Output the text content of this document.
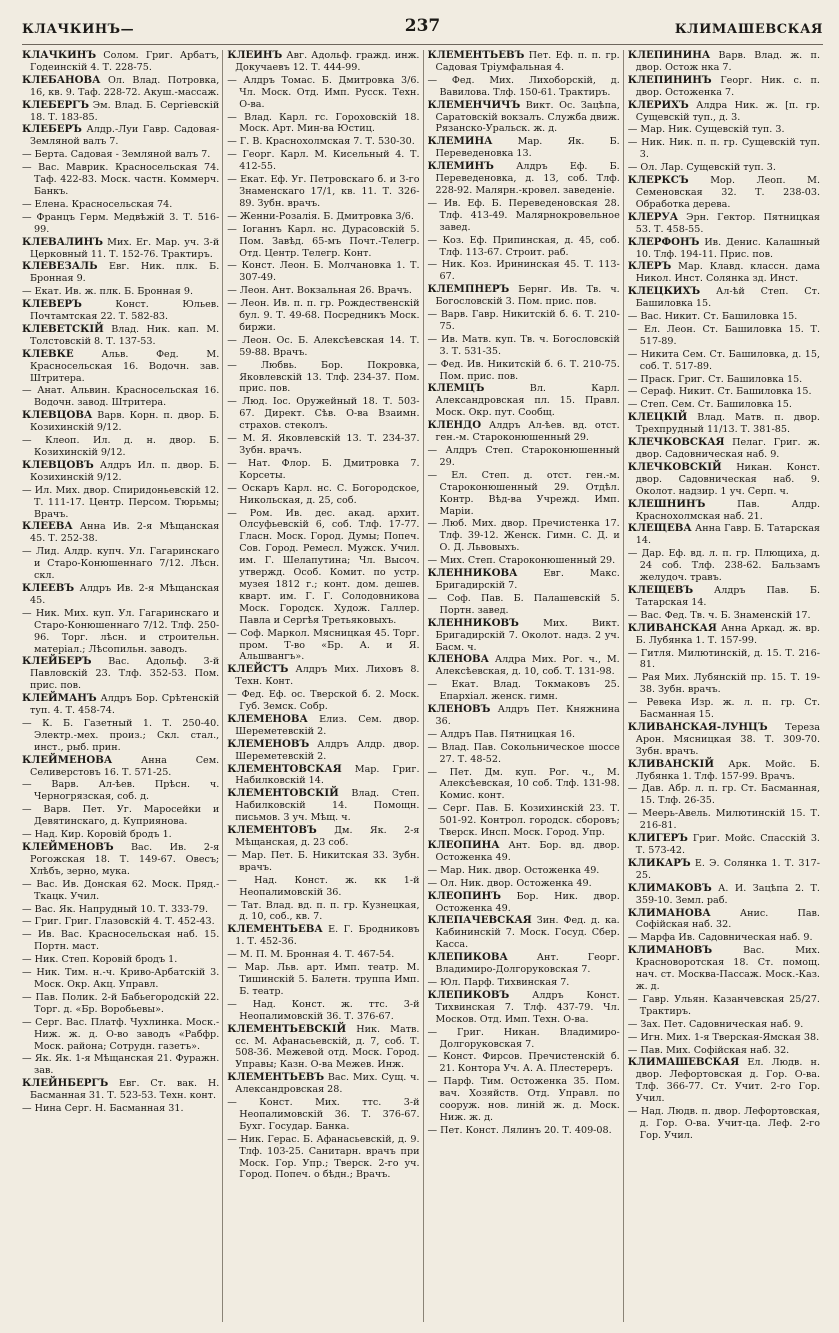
КЛАЧКИНЪ—	237	КЛИМАШЕВСКАЯ
КЛАЧКИНЪ Солом. Григ. Арбатъ, Годеинскій 4. Т. 228-75.
КЛЕБАНОВА Ол. Влад. Потровка, 16, кв. 9. Таф. 228-72. Акуш.-массаж.
КЛЕБЕРГЪ Эм. Влад. Б. Сергіевскій 18. Т. 183-85.
КЛЕБЕРЪ Алдр.-Луи Гавр. Садовая-Земляной валъ 7.
— Берта. Садовая - Земляной валъ 7.
— Вас. Маврик. Красносельская 74. Таф. 422-83. Моск. частн. Коммерч. Банкъ.
— Елена. Красносельская 74.
— Францъ Герм. Медвѣжій 3. Т. 516-99.
КЛЕВАЛИНЪ Мих. Ег. Мар. уч. 3-й Церковный 11. Т. 152-76. Трактиръ.
КЛЕВЕЗАЛЬ Евг. Ник. плк. Б. Бронная 9.
— Екат. Ив. ж. плк. Б. Бронная 9.
КЛЕВЕРЪ	Конст. Юльев. Почтамтская 22. Т. 582-83.
КЛЕВЕТСКІЙ Влад. Ник. кап. М. Толстовскій 8. Т. 137-53.
КЛЕВКЕ	Альв. Фед. М. Красносельская 16. Водочн. зав. Штритера.
— Анат. Альвин. Красносельская 16. Водочн. завод. Штритера.
КЛЕВЦОВА Варв. Корн. п. двор. Б. Козихинскій 9/12.
— Клеоп. Ил. д. н. двор. Б. Козихинскій 9/12.
КЛЕВЦОВЪ Алдръ Ил. п. двор. Б. Козихинскій 9/12.
— Ил. Мих. двор. Спиридоньевскій 12. Т. 111-17. Центр. Персом. Тюрьмы; Врачъ.
КЛЕЕВА Анна Ив. 2-я Мѣщанская 45. Т. 252-38.
— Лид. Алдр. купч. Ул. Гагаринскаго и Старо-Конюшеннаго 7/12. Лѣсн. скл.
КЛЕЕВЪ Алдръ Ив. 2-я Мѣщанская 45.
— Ник. Мих. куп. Ул. Гагаринскаго и Старо-Конюшеннаго 7/12. Тлф. 250-96. Торг. лѣсн. и строительн. матеріал.; Лѣсопильн. заводъ.
КЛЕЙБЕРЪ Вас. Адольф. 3-й Павловскій 23. Тлф. 352-53. Пом. прис. пов.
КЛЕЙМАНЪ Алдръ Бор. Срѣтенскій туп. 4. Т. 458-74.
— К. Б. Газетный 1. Т. 250-40. Электр.-мех. произ.; Скл. стал., инст., рыб. прин.
КЛЕЙМЕНОВА	Анна Сем. Селиверстовъ 16. Т. 571-25.
— Варв. Ал-ѣев. Прѣсн. ч. Черногрязская, соб. д.
— Варв. Пет. Уг. Маросейки и Девятинскаго, д. Куприянова.
— Над. Кир. Коровій бродъ 1.
КЛЕЙМЕНОВЪ Вас. Ив. 2-я Рогожская 18. Т. 149-67. Овесъ; Хлѣбъ, зерно, мука.
— Вас. Ив. Донская 62. Моск. Пряд.-Ткацк. Учил.
— Вас. Як. Напрудный 10. Т. 333-79.
— Григ. Григ. Глазовскій 4. Т. 452-43.
— Ив. Вас. Красносельская наб. 15. Портн. маст.
— Ник. Степ. Коровій бродъ 1.
— Ник. Тим. н.-ч. Криво-Арбатскій 3. Моск. Окр. Акц. Управл.
— Пав. Полик. 2-й Бабьегородскій 22. Торг. д. «Бр. Воробьевы».
— Серг. Вас. Платф. Чухлинка. Моск.-Ниж. ж. д. О-во заводъ «Рабфр. Моск. района; Сотрудн. газетъ».
— Як. Як. 1-я Мѣщанская 21. Фуражн. зав.
КЛЕЙНБЕРГЪ Евг. Ст. вак. Н. Басманная 31. Т. 523-53. Техн. конт.
— Нина Серг. Н. Басманная 31.
КЛЕЙНЪ Авг. Адольф. гражд. инж. Докучаевъ 12. Т. 444-99.
— Алдръ Томас. Б. Дмитровка 3/6. Чл. Моск. Отд. Имп. Русск. Техн. О-ва.
— Влад. Карл. гс. Гороховскій 18. Моск. Арт. Мин-ва Юстиц.
— Г. В. Краснохолмская 7. Т. 530-30.
— Георг. Карл. М. Кисельный 4. Т. 412-55.
— Екат. Еф. Уг. Петровскаго б. и 3-го Знаменскаго 17/1, кв. 11. Т. 326-89. Зубн. врачъ.
— Женни-Розалія. Б. Дмитровка 3/6.
— Іоганнъ Карл. нс. Дурасовскій 5. Пом. Завѣд. 65-мъ Почт.-Телегр. Отд. Центр. Телегр. Конт.
— Конст. Леон. Б. Молчановка 1. Т. 307-49.
— Леон. Ант. Вокзальная 26. Врачъ.
— Леон. Ив. п. п. гр. Рождественскій бул. 9. Т. 49-68. Посредникъ Моск. биржи.
— Леон. Ос. Б. Алексѣевская 14. Т. 59-88. Врачъ.
— Любвь. Бор. Покровка, Яковлевскій 13. Тлф. 234-37. Пом. прис. пов.
— Люд. Іос. Оружейный 18. Т. 503-67. Директ. Сѣв. О-ва Взаимн. страхов. стеколъ.
— М. Я. Яковлевскій 13. Т. 234-37. Зубн. врачъ.
— Нат. Флор. Б. Дмитровка 7. Корсеты.
— Оскаръ Карл. нс. С. Богородское, Никольская, д. 25, соб.
— Ром. Ив. дес. акад. архит. Олсуфьевскій 6, соб. Тлф. 17-77. Гласн. Моск. Город. Думы; Попеч. Сов. Город. Ремесл. Мужск. Учил. им. Г. Шелапутина; Чл. Высоч. утвержд. Особ. Комит. по устр. музея 1812 г.; конт. дом. дешев. кварт. им. Г. Г. Солодовникова Моск. Городск. Худож. Галлер. Павла и Сергѣя Третьяковыхъ.
— Соф. Маркол. Мясницкая 45. Торг. пром. Т-во «Бр. А. и Я. Альшвангъ».
КЛЕЙСТЪ Алдръ Мих. Лиховъ 8. Техн. Конт.
— Фед. Еф. ос. Тверской б. 2. Моск. Губ. Земск. Собр.
КЛЕМЕНОВА Елиз. Сем. двор. Шереметевскій 2.
КЛЕМЕНОВЪ Алдръ Алдр. двор. Шереметевскій 2.
КЛЕМЕНТОВСКАЯ Мар. Григ. Набилковскій 14.
КЛЕМЕНТОВСКІЙ Влад. Степ. Набилковскій 14. Помощн. письмов. 3 уч. Мѣщ. ч.
КЛЕМЕНТОВЪ Дм. Як. 2-я Мѣщанская, д. 23 соб.
— Мар. Пет. Б. Никитская 33. Зубн. врачъ.
— Над. Конст. ж. кк 1-й Неопалимовскій 36.
— Тат. Влад. вд. п. п. гр. Кузнецкая, д. 10, соб., кв. 7.
КЛЕМЕНТЬЕВА Е. Г. Бродниковъ 1. Т. 452-36.
— М. П. М. Бронная 4. Т. 467-54.
— Мар. Льв. арт. Имп. театр. М. Тишинскій 5. Балетн. труппа Имп. Б. театр.
— Над. Конст. ж. ттс. 3-й Неопалимовскій 36. Т. 376-67.
КЛЕМЕНТЬЕВСКІЙ Ник. Матв. сс. М. Афанасьевскій, д. 7, соб. Т. 508-36. Межевой отд. Моск. Город. Управы; Казн. О-ва Межев. Инж.
КЛЕМЕНТЬЕВЪ Вас. Мих. Сущ. ч. Александровская 28.
— Конст. Мих. ттс. 3-й Неопалимовскій 36. Т. 376-67. Бухг. Государ. Банка.
— Ник. Герас. Б. Афанасьевскій, д. 9. Тлф. 103-25. Санитарн. врачъ при Моск. Гор. Упр.; Тверск. 2-го уч. Город. Попеч. о бѣдн.; Врачъ.
КЛЕМЕНТЬЕВЪ Пет. Еф. п. п. гр. Садовая Тріумфальная 4.
— Фед. Мих. Лихоборскій, д. Вавилова. Тлф. 150-61. Трактиръ.
КЛЕМЕНЧИЧЪ Викт. Ос. Зацѣпа, Саратовскій вокзалъ. Служба движ. Рязанско-Уральск. ж. д.
КЛЕМИНА	Мар. Як. Б. Переведеновка 13.
КЛЕМИНЪ Алдръ Еф. Б. Переведеновка, д. 13, соб. Тлф. 228-92. Малярн.-кровел. заведеніе.
— Ив. Еф. Б. Переведеновская 28. Тлф. 413-49. Малярнокровельное завед.
— Коз. Еф. Припинская, д. 45, соб. Тлф. 113-67. Строит. раб.
— Ник. Коз. Ирининская 45. Т. 113-67.
КЛЕМПНЕРЪ Бернг. Ив. Тв. ч. Богословскій 3. Пом. прис. пов.
— Варв. Гавр. Никитскій б. 6. Т. 210-75.
— Ив. Матв. куп. Тв. ч. Богословскій 3. Т. 531-35.
— Фед. Ив. Никитскій б. 6. Т. 210-75. Пом. прис. пов.
КЛЕМЦЪ	Вл. Карл. Александровская пл. 15. Правл. Моск. Окр. пут. Сообщ.
КЛЕНДО Алдръ Ал-ѣев. вд. отст. ген.-м. Староконюшенный 29.
— Алдръ Степ. Староконюшенный 29.
— Ел. Степ. д. отст. ген.-м. Староконюшенный 29. Отдѣл. Контр. Вѣд-ва Учрежд. Имп. Маріи.
— Люб. Мих. двор. Пречистенка 17. Тлф. 39-12. Женск. Гимн. С. Д. и О. Д. Львовыхъ.
— Мих. Степ. Староконюшенный 29.
КЛЕННИКОВА	Евг. Макс. Бригадирскій 7.
— Соф. Пав. Б. Палашевскій 5. Портн. завед.
КЛЕННИКОВЪ	Мих. Викт. Бригадирскій 7. Околот. надз. 2 уч. Басм. ч.
КЛЕНОВА Алдра Мих. Рог. ч., М. Алексѣевская, д. 10, соб. Т. 131-98.
— Екат. Влад. Токмаковъ 25. Епархіал. женск. гимн.
КЛЕНОВЪ Алдръ Пет. Княжнина 36.
— Алдръ Пав. Пятницкая 16.
— Влад. Пав. Сокольническое шоссе 27. Т. 48-52.
— Пет. Дм. куп. Рог. ч., М. Алексѣевская, 10 соб. Тлф. 131-98. Комис. конт.
— Серг. Пав. Б. Козихинскій 23. Т. 501-92. Контрол. городск. сборовъ; Тверск. Инсп. Моск. Город. Упр.
КЛЕОПИНА Ант. Бор. вд. двор. Остоженка 49.
— Мар. Ник. двор. Остоженка 49.
— Ол. Ник. двор. Остоженка 49.
КЛЕОПИНЪ Бор. Ник. двор. Остоженка 49.
КЛЕПАЧЕВСКАЯ Зин. Фед. д. ка. Кабининскій 7. Моск. Госуд. Сбер. Касса.
КЛЕПИКОВА	Ант. Георг. Владимиро-Долгоруковская 7.
— Юл. Парф. Тихвинская 7.
КЛЕПИКОВЪ Алдръ Конст. Тихвинская 7. Тлф. 437-79. Чл. Москов. Отд. Имп. Техн. О-ва.
— Григ. Никан. Владимиро-Долгоруковская 7.
— Конст. Фирсов. Пречистенскій б. 21. Контора Уч. А. А. Плестереръ.
— Парф. Тим. Остоженка 35. Пом. вач. Хозяйств. Отд. Управл. по сооруж. нов. линій ж. д. Моск. Ниж. ж. д.
— Пет. Конст. Лялинъ 20. Т. 409-08.
КЛЕПИНИНА Варв. Влад. ж. п. двор. Остож нка 7.
КЛЕПИНИНЪ Георг. Ник. с. п. двор. Остоженка 7.
КЛЕРИХЪ Алдра Ник. ж. [п. гр. Сущевскій туп., д. 3.
— Мар. Ник. Сущевскій туп. 3.
— Ник. Ник. п. п. гр. Сущевскій туп. 3.
— Ол. Лар. Сущевскій туп. 3.
КЛЕРКСЪ Мор. Леоп. М. Семеновская 32. Т. 238-03. Обработка дерева.
КЛЕРУА Эрн. Гектор. Пятницкая 53. Т. 458-55.
КЛЕРФОНЪ Ив. Денис. Калашный 10. Тлф. 194-11. Прис. пов.
КЛЕРЪ Мар. Клавд. классн. дама Никол. Инст. Солянка зд. Инст.
КЛЕЦКИХЪ Ал-ѣй Степ. Ст. Башиловка 15.
— Вас. Никит. Ст. Башиловка 15.
— Ел. Леон. Ст. Башиловка 15. Т. 517-89.
— Никита Сем. Ст. Башиловка, д. 15, соб. Т. 517-89.
— Праск. Григ. Ст. Башиловка 15.
— Сераф. Никит. Ст. Башиловка 15.
— Степ. Сем. Ст. Башиловка 15.
КЛЕЦКІЙ Влад. Матв. п. двор. Трехпрудный 11/13. Т. 381-85.
КЛЕЧКОВСКАЯ Пелаг. Григ. ж. двор. Садовническая наб. 9.
КЛЕЧКОВСКІЙ Никан. Конст. двор. Садовническая наб. 9. Околот. надзир. 1 уч. Серп. ч.
КЛЕШНИНЪ	Пав. Алдр. Краснохолмская наб. 21.
КЛЕЩЕВА Анна Гавр. Б. Татарская 14.
— Дар. Еф. вд. л. п. гр. Плющиха, д. 24 соб. Тлф. 238-62. Бальзамъ желудоч. травъ.
КЛЕЩЕВЪ Алдръ Пав. Б. Татарская 14.
— Вас. Фед. Тв. ч. Б. Знаменскій 17.
КЛИВАНСКАЯ Анна Аркад. ж. вр. Б. Лубянка 1. Т. 157-99.
— Гитля. Милютинскій, д. 15. Т. 216-81.
— Рая Мих. Лубянскій пр. 15. Т. 19-38. Зубн. врачъ.
— Ревека Изр. ж. л. п. гр. Ст. Басманная 15.
КЛИВАНСКАЯ-ЛУНЦЪ Тереза Арон. Мясницкая 38. Т. 309-70. Зубн. врачъ.
КЛИВАНСКІЙ Арк. Мойс. Б. Лубянка 1. Тлф. 157-99. Врачъ.
— Дав. Абр. л. п. гр. Ст. Басманная, 15. Тлф. 26-35.
— Меерь-Авель. Милютинскій 15. Т. 216-81.
КЛИГЕРЪ Григ. Мойс. Спасскій 3. Т. 573-42.
КЛИКАРЪ Е. Э. Солянка 1. Т. 317-25.
КЛИМАКОВЪ А. И. Зацѣпа 2. Т. 359-10. Земл. раб.
КЛИМАНОВА	Анис. Пав. Софійская наб. 32.
— Марфа Ив. Садовническая наб. 9.
КЛИМАНОВЪ	Вас. Мих. Красноворотская 18. Ст. помощ. нач. ст. Москва-Пассаж. Моск.-Каз. ж. д.
— Гавр. Ульян. Казанчевская 25/27. Трактиръ.
— Зах. Пет. Садовническая наб. 9.
— Игн. Мих. 1-я Тверская-Ямская 38.
— Пав. Мих. Софійская наб. 32.
КЛИМАШЕВСКАЯ Ел. Людв. н. двор. Лефортовская д. Гор. О-ва. Тлф. 366-77. Ст. Учит. 2-го Гор. Учил.
— Над. Людв. п. двор. Лефортовская, д. Гор. О-ва. Учит-ца. Леф. 2-го Гор. Учил.
